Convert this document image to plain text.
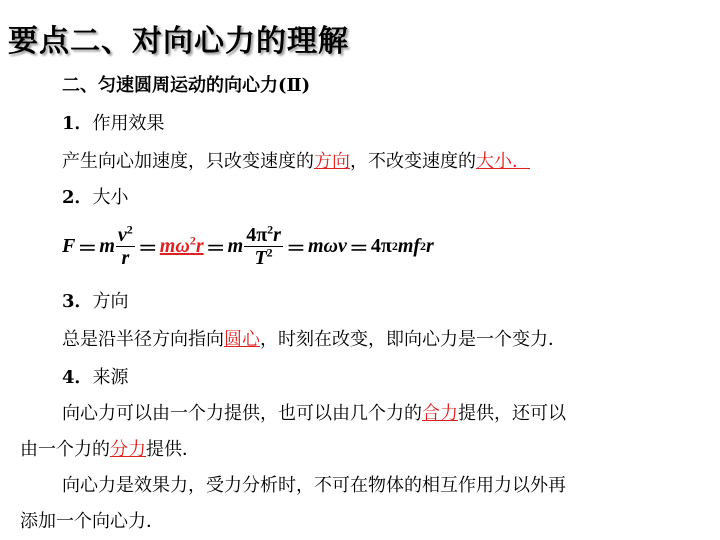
要点二、对向心力的理解
二、匀速圆周运动的向心力(Ⅱ)
1．作用效果
产生向心加速度，只改变速度的方向，不改变速度的大小．
2．大小
F ＝ m $\frac{v^2}{r} = m\omega^2r = m \frac{4\pi^2r}{T^2} = m\omega v = 4\pi$ 2 mf 2 r
3．方向
总是沿半径方向指向圆心，时刻在改变，即向心力是一个变力．
4．来源
向心力可以由一个力提供，也可以由几个力的合力提供，还可以
由一个力的分力提供．
向心力是效果力，受力分析时，不可在物体的相互作用力以外再
添加一个向心力．
